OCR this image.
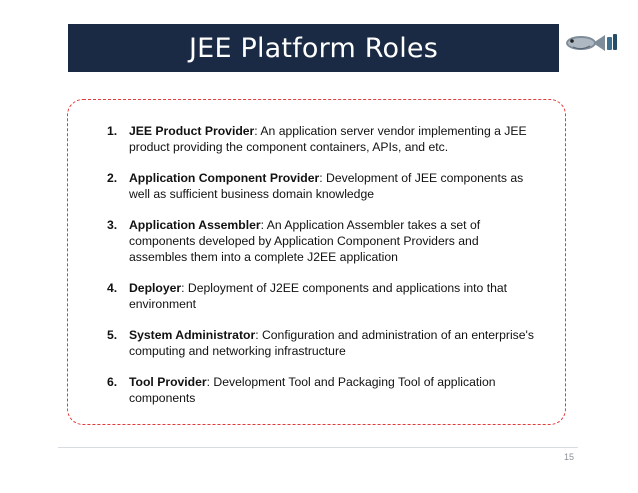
JEE Platform Roles
1. JEE Product Provider: An application server vendor implementing a JEE product providing the component containers, APIs, and etc.
2. Application Component Provider: Development of JEE components as well as sufficient business domain knowledge
3. Application Assembler: An Application Assembler takes a set of components developed by Application Component Providers and assembles them into a complete J2EE application
4. Deployer: Deployment of J2EE components and applications into that environment
5. System Administrator: Configuration and administration of an enterprise's computing and networking infrastructure
6. Tool Provider: Development Tool and Packaging Tool of application components
15
